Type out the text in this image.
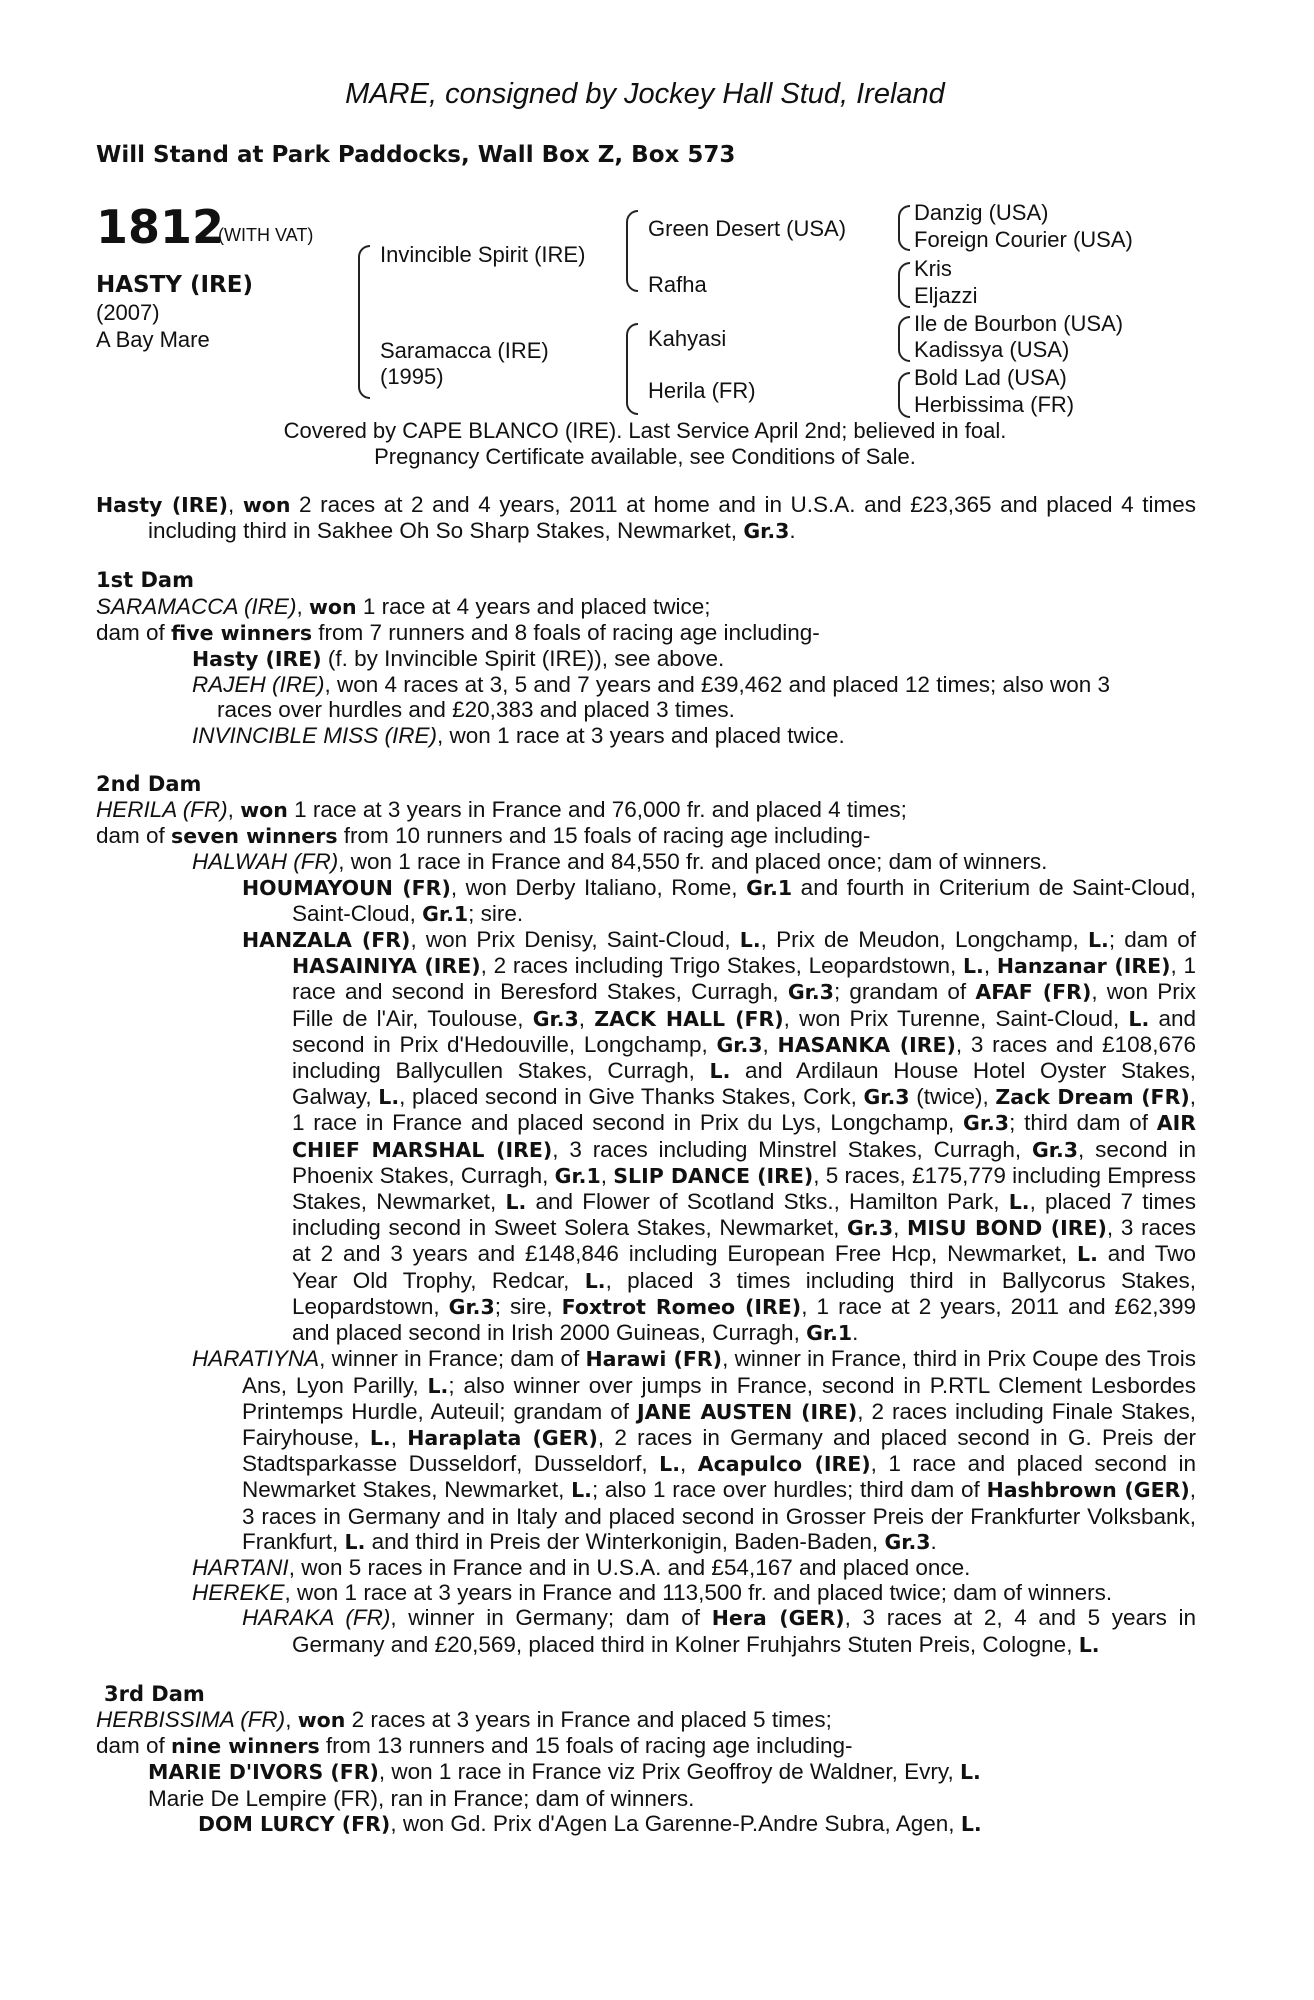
MARE, consigned by Jockey Hall Stud, Ireland
Will Stand at Park Paddocks, Wall Box Z, Box 573
1812
(WITH VAT)
HASTY (IRE)
(2007)
A Bay Mare
Invincible Spirit (IRE)
Saramacca (IRE)
(1995)
Green Desert (USA)
Rafha
Kahyasi
Herila (FR)
Danzig (USA)
Foreign Courier (USA)
Kris
Eljazzi
Ile de Bourbon (USA)
Kadissya (USA)
Bold Lad (USA)
Herbissima (FR)
Covered by CAPE BLANCO (IRE). Last Service April 2nd; believed in foal.
Pregnancy Certificate available, see Conditions of Sale.

Hasty (IRE), won 2 races at 2 and 4 years, 2011 at home and in U.S.A. and £23,365 and placed 4 times including third in Sakhee Oh So Sharp Stakes, Newmarket, Gr.3.

1st Dam

SARAMACCA (IRE), won 1 race at 4 years and placed twice;

dam of five winners from 7 runners and 8 foals of racing age including-

Hasty (IRE) (f. by Invincible Spirit (IRE)), see above.

RAJEH (IRE), won 4 races at 3, 5 and 7 years and £39,462 and placed 12 times; also won 3
races over hurdles and £20,383 and placed 3 times.

INVINCIBLE MISS (IRE), won 1 race at 3 years and placed twice.

2nd Dam

HERILA (FR), won 1 race at 3 years in France and 76,000 fr. and placed 4 times;

dam of seven winners from 10 runners and 15 foals of racing age including-

HALWAH (FR), won 1 race in France and 84,550 fr. and placed once; dam of winners.

HOUMAYOUN (FR), won Derby Italiano, Rome, Gr.1 and fourth in Criterium de Saint-Cloud, Saint-Cloud, Gr.1; sire.

HANZALA (FR), won Prix Denisy, Saint-Cloud, L., Prix de Meudon, Longchamp, L.; dam of HASAINIYA (IRE), 2 races including Trigo Stakes, Leopardstown, L., Hanzanar (IRE), 1 race and second in Beresford Stakes, Curragh, Gr.3; grandam of AFAF (FR), won Prix Fille de l'Air, Toulouse, Gr.3, ZACK HALL (FR), won Prix Turenne, Saint-Cloud, L. and second in Prix d'Hedouville, Longchamp, Gr.3, HASANKA (IRE), 3 races and £108,676 including Ballycullen Stakes, Curragh, L. and Ardilaun House Hotel Oyster Stakes, Galway, L., placed second in Give Thanks Stakes, Cork, Gr.3 (twice), Zack Dream (FR), 1 race in France and placed second in Prix du Lys, Longchamp, Gr.3; third dam of AIR CHIEF MARSHAL (IRE), 3 races including Minstrel Stakes, Curragh, Gr.3, second in Phoenix Stakes, Curragh, Gr.1, SLIP DANCE (IRE), 5 races, £175,779 including Empress Stakes, Newmarket, L. and Flower of Scotland Stks., Hamilton Park, L., placed 7 times including second in Sweet Solera Stakes, Newmarket, Gr.3, MISU BOND (IRE), 3 races at 2 and 3 years and £148,846 including European Free Hcp, Newmarket, L. and Two Year Old Trophy, Redcar, L., placed 3 times including third in Ballycorus Stakes, Leopardstown, Gr.3; sire, Foxtrot Romeo (IRE), 1 race at 2 years, 2011 and £62,399 and placed second in Irish 2000 Guineas, Curragh, Gr.1.

HARATIYNA, winner in France; dam of Harawi (FR), winner in France, third in Prix Coupe des Trois Ans, Lyon Parilly, L.; also winner over jumps in France, second in P.RTL Clement Lesbordes Printemps Hurdle, Auteuil; grandam of JANE AUSTEN (IRE), 2 races including Finale Stakes, Fairyhouse, L., Haraplata (GER), 2 races in Germany and placed second in G. Preis der Stadtsparkasse Dusseldorf, Dusseldorf, L., Acapulco (IRE), 1 race and placed second in Newmarket Stakes, Newmarket, L.; also 1 race over hurdles; third dam of Hashbrown (GER), 3 races in Germany and in Italy and placed second in Grosser Preis der Frankfurter Volksbank, Frankfurt, L. and third in Preis der Winterkonigin, Baden-Baden, Gr.3.

HARTANI, won 5 races in France and in U.S.A. and £54,167 and placed once.

HEREKE, won 1 race at 3 years in France and 113,500 fr. and placed twice; dam of winners.

HARAKA (FR), winner in Germany; dam of Hera (GER), 3 races at 2, 4 and 5 years in Germany and £20,569, placed third in Kolner Fruhjahrs Stuten Preis, Cologne, L.

3rd Dam

HERBISSIMA (FR), won 2 races at 3 years in France and placed 5 times;

dam of nine winners from 13 runners and 15 foals of racing age including-

MARIE D'IVORS (FR), won 1 race in France viz Prix Geoffroy de Waldner, Evry, L.

Marie De Lempire (FR), ran in France; dam of winners.

DOM LURCY (FR), won Gd. Prix d'Agen La Garenne-P.Andre Subra, Agen, L.
